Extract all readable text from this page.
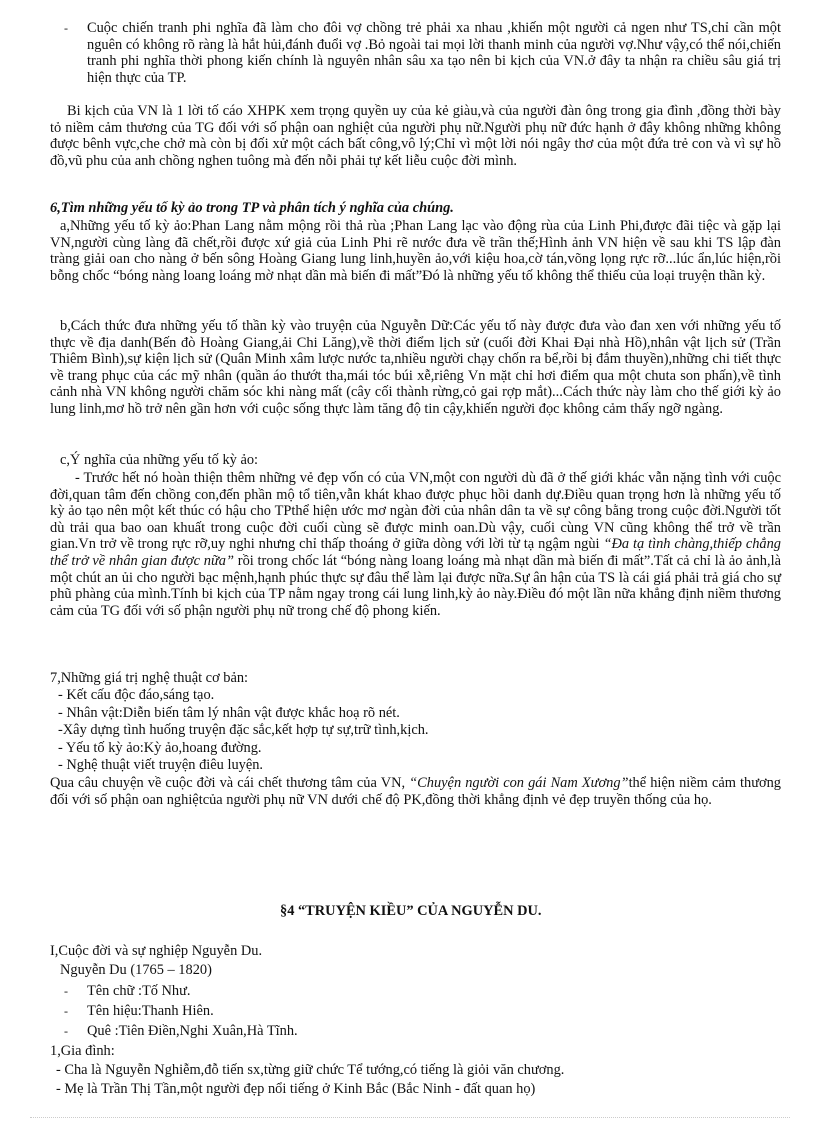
- Cuộc chiến tranh phi nghĩa đã làm cho đôi vợ chồng trẻ phải xa nhau ,khiến một người cả ngen như TS,chỉ cần một nguên có không rõ ràng là hắt hủi,đánh đuổi vợ .Bỏ ngoài tai mọi lời thanh minh của người vợ.Như vậy,có thể nói,chiến tranh phi nghĩa thời phong kiến chính là nguyên nhân sâu xa tạo nên bi kịch của VN.ở đây ta nhận ra chiều sâu giá trị hiện thực của TP.

Bi kịch của VN là 1 lời tố cáo XHPK xem trọng quyền uy của kẻ giàu,và của người đàn ông trong gia đình ,đồng thời bày tỏ niềm cảm thương của TG đối với số phận oan nghiệt của người phụ nữ.Người phụ nữ đức hạnh ở đây không những không được bênh vực,che chở mà còn bị đối xử một cách bất công,vô lý;Chỉ vì một lời nói ngây thơ của một đứa trẻ con và vì sự hồ đồ,vũ phu của anh chồng nghen tuông mà đến nỗi phải tự kết liễu cuộc đời mình.

6,Tìm những yếu tố kỳ ảo trong TP và phân tích ý nghĩa của chúng.

a,Những yếu tố kỳ ảo:Phan Lang nằm mộng rồi thả rùa ;Phan Lang lạc vào động rùa của Linh Phi,được đãi tiệc và gặp lại VN,người cùng làng đã chết,rồi được xứ giả của Linh Phi rẽ nước đưa về trần thế;Hình ảnh VN hiện về sau khi TS lập đàn tràng giải oan cho nàng ở bến sông Hoàng Giang lung linh,huyền ảo,với kiệu hoa,cờ tán,võng lọng rực rỡ...lúc ẩn,lúc hiện,rồi bỗng chốc “bóng nàng loang loáng mờ nhạt dần mà biến đi mất”Đó là những yếu tố không thể thiếu của loại truyện thần kỳ.

b,Cách thức đưa những yếu tố thần kỳ vào truyện của Nguyễn Dữ:Các yếu tố này được đưa vào đan xen với những yếu tố thực về địa danh(Bến đò Hoàng Giang,ải Chi Lăng),về thời điểm lịch sử (cuối đời Khai Đại nhà Hồ),nhân vật lịch sử (Trần Thiêm Bình),sự kiện lịch sử (Quân Minh xâm lược nước ta,nhiều người chạy chốn ra bể,rồi bị đắm thuyền),những chi tiết thực về trang phục của các mỹ nhân (quần áo thướt tha,mái tóc búi xễ,riêng Vn mặt chỉ hơi điểm qua một chuta son phấn),về tình cảnh nhà VN không người chăm sóc khi nàng mất (cây cối thành rừng,cỏ gai rợp mắt)...Cách thức này làm cho thế giới kỳ ảo lung linh,mơ hồ trở nên gần hơn với cuộc sống thực làm tăng độ tin cậy,khiến người đọc không cảm thấy ngỡ ngàng.

c,Ý nghĩa của những yếu tố kỳ ảo:

- Trước hết nó hoàn thiện thêm những vẻ đẹp vốn có của VN,một con người dù đã ở thế giới khác vẫn nặng tình với cuộc đời,quan tâm đến chồng con,đến phần mộ tổ tiên,vẫn khát khao được phục hồi danh dự.Điều quan trọng hơn là những yếu tố kỳ ảo tạo nên một kết thúc có hậu cho TPthể hiện ước mơ ngàn đời của nhân dân ta về sự công bằng trong cuộc đời.Người tốt dù trải qua bao oan khuất trong cuộc đời cuối cùng sẽ được minh oan.Dù vậy, cuối cùng VN cũng không thể trở về trần gian.Vn trở về trong rực rỡ,uy nghi nhưng chỉ thấp thoáng ở giữa dòng với lời từ tạ ngậm ngùi “Đa tạ tình chàng,thiếp chẳng thể trở về nhân gian được nữa” rồi trong chốc lát “bóng nàng loang loáng mà nhạt dần mà biến đi mất”.Tất cả chỉ là ảo ảnh,là một chút an ủi cho người bạc mệnh,hạnh phúc thực sự đâu thể làm lại được nữa.Sự ân hận của TS là cái giá phải trả giá cho sự phũ phàng của mình.Tính bi kịch của TP nằm ngay trong cái lung linh,kỳ ảo này.Điều đó một lần nữa khẳng định niềm thương cảm của TG đối với số phận người phụ nữ trong chế độ phong kiến.

7,Những giá trị nghệ thuật cơ bản:

- Kết cấu độc đáo,sáng tạo.

- Nhân vật:Diễn biến tâm lý nhân vật được khắc hoạ rõ nét.

-Xây dựng tình huống truyện đặc sắc,kết hợp tự sự,trữ tình,kịch.

- Yếu tố kỳ ảo:Kỳ ảo,hoang đường.

- Nghệ thuật viết truyện điêu luyện.

Qua câu chuyện về cuộc đời và cái chết thương tâm của VN, “Chuyện người con gái Nam Xương”thể hiện niềm cảm thương đối với số phận oan nghiệtcủa người phụ nữ VN dưới chế độ PK,đồng thời khẳng định vẻ đẹp truyền thống của họ.

§4 “TRUYỆN KIỀU” CỦA NGUYỄN DU.

I,Cuộc đời và sự nghiệp Nguyễn Du.

Nguyễn Du (1765 – 1820)

- Tên chữ :Tố Như.

- Tên hiệu:Thanh Hiên.

- Quê :Tiên Điền,Nghi Xuân,Hà Tĩnh.

1,Gia đình:

- Cha là Nguyễn Nghiễm,đỗ tiến sx,từng giữ chức Tể tướng,có tiếng là giỏi văn chương.

- Mẹ là Trần Thị Tần,một người đẹp nổi tiếng ở Kinh Bắc (Bắc Ninh - đất quan họ)
